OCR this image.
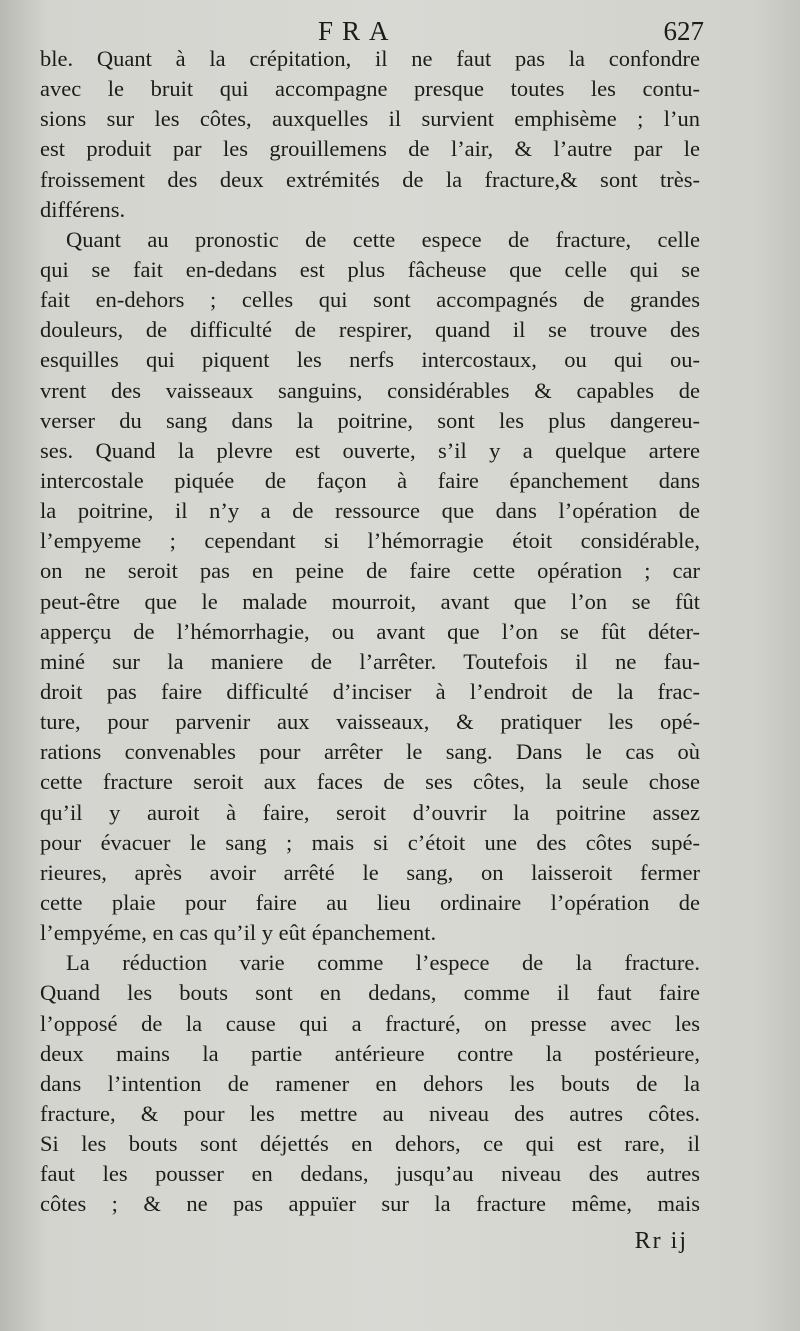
FRA	627
ble. Quant à la crépitation, il ne faut pas la confondre
avec le bruit qui accompagne presque toutes les contu-
sions sur les côtes, auxquelles il survient emphisème ; l’un
est produit par les grouillemens de l’air, & l’autre par le
froissement des deux extrémités de la fracture,& sont très-
différens.
Quant au pronostic de cette espece de fracture, celle
qui se fait en-dedans est plus fâcheuse que celle qui se
fait en-dehors ; celles qui sont accompagnés de grandes
douleurs, de difficulté de respirer, quand il se trouve des
esquilles qui piquent les nerfs intercostaux, ou qui ou-
vrent des vaisseaux sanguins, considérables & capables de
verser du sang dans la poitrine, sont les plus dangereu-
ses. Quand la plevre est ouverte, s’il y a quelque artere
intercostale piquée de façon à faire épanchement dans
la poitrine, il n’y a de ressource que dans l’opération de
l’empyeme ; cependant si l’hémorragie étoit considérable,
on ne seroit pas en peine de faire cette opération ; car
peut-être que le malade mourroit, avant que l’on se fût
apperçu de l’hémorrhagie, ou avant que l’on se fût déter-
miné sur la maniere de l’arrêter. Toutefois il ne fau-
droit pas faire difficulté d’inciser à l’endroit de la frac-
ture, pour parvenir aux vaisseaux, & pratiquer les opé-
rations convenables pour arrêter le sang. Dans le cas où
cette fracture seroit aux faces de ses côtes, la seule chose
qu’il y auroit à faire, seroit d’ouvrir la poitrine assez
pour évacuer le sang ; mais si c’étoit une des côtes supé-
rieures, après avoir arrêté le sang, on laisseroit fermer
cette plaie pour faire au lieu ordinaire l’opération de
l’empyéme, en cas qu’il y eût épanchement.
La réduction varie comme l’espece de la fracture.
Quand les bouts sont en dedans, comme il faut faire
l’opposé de la cause qui a fracturé, on presse avec les
deux mains la partie antérieure contre la postérieure,
dans l’intention de ramener en dehors les bouts de la
fracture, & pour les mettre au niveau des autres côtes.
Si les bouts sont déjettés en dehors, ce qui est rare, il
faut les pousser en dedans, jusqu’au niveau des autres
côtes ; & ne pas appuïer sur la fracture même, mais
Rr ij
